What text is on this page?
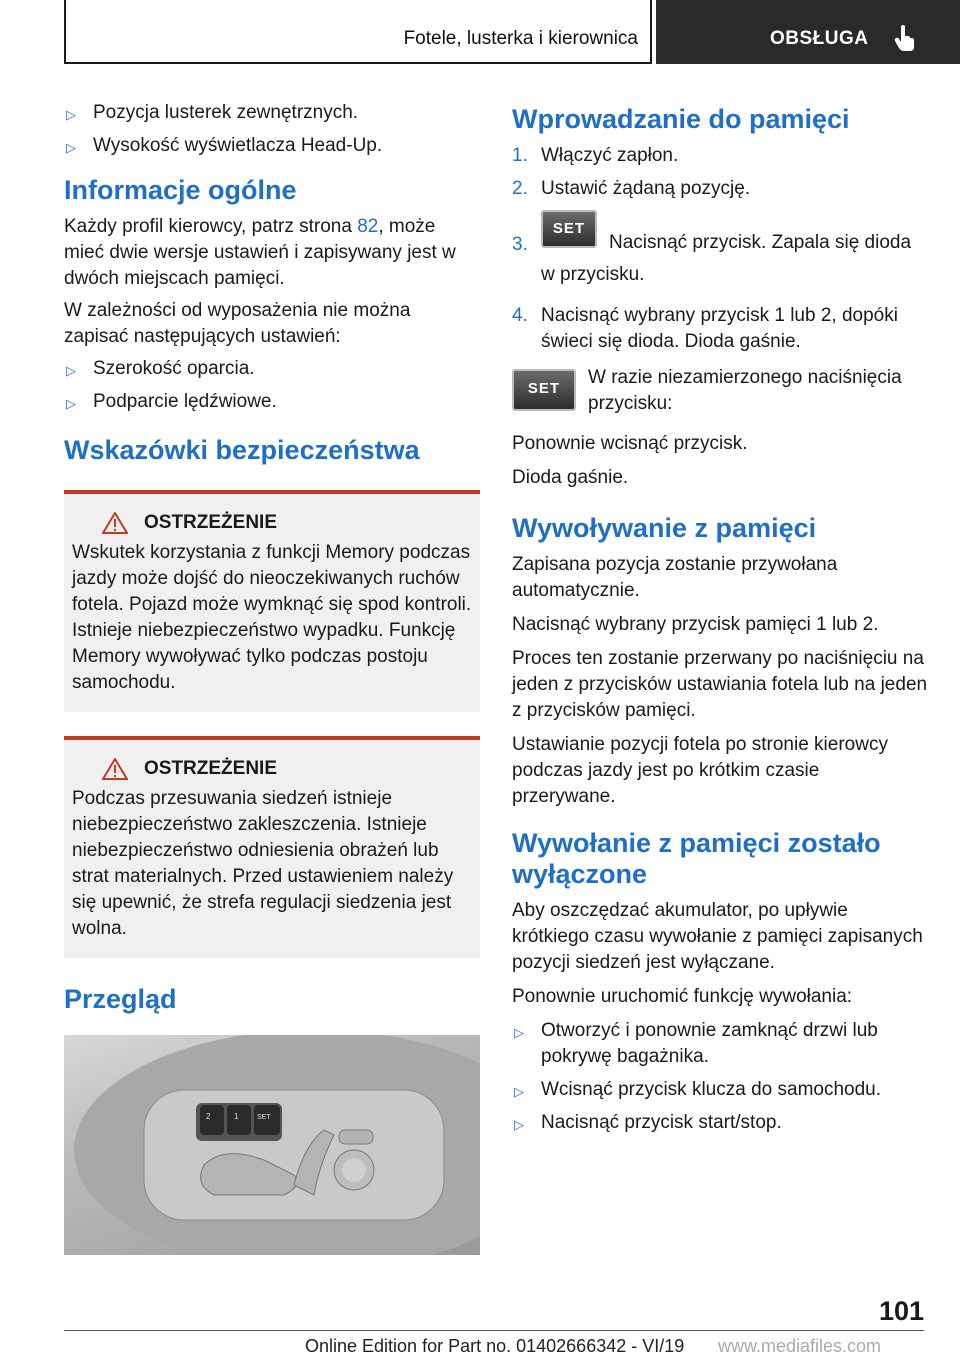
Fotele, lusterka i kierownica	OBSŁUGA
▷ Pozycja lusterek zewnętrznych.
▷ Wysokość wyświetlacza Head-Up.
Informacje ogólne

Każdy profil kierowcy, patrz strona 82, może mieć dwie wersje ustawień i zapisywany jest w dwóch miejscach pamięci.

W zależności od wyposażenia nie można zapisać następujących ustawień:

▷ Szerokość oparcia.
▷ Podparcie lędźwiowe.
Wskazówki bezpieczeństwa
OSTRZEŻENIE
Wskutek korzystania z funkcji Memory podczas jazdy może dojść do nieoczekiwanych ruchów fotela. Pojazd może wymknąć się spod kontroli. Istnieje niebezpieczeństwo wypadku. Funkcję Memory wywoływać tylko podczas postoju samochodu.
OSTRZEŻENIE
Podczas przesuwania siedzeń istnieje niebezpieczeństwo zakleszczenia. Istnieje niebezpieczeństwo odniesienia obrażeń lub strat materialnych. Przed ustawieniem należy się upewnić, że strefa regulacji siedzenia jest wolna.
Przegląd
2	1	SET
Wprowadzanie do pamięci
1. Włączyć zapłon.
2. Ustawić żądaną pozycję.
3.
SETNacisnąć przycisk. Zapala się dioda w przycisku.
4. Nacisnąć wybrany przycisk 1 lub 2, dopóki świeci się dioda. Dioda gaśnie.
SET

W razie niezamierzonego naciśnięcia przycisku:

Ponownie wcisnąć przycisk.

Dioda gaśnie.

Wywoływanie z pamięci

Zapisana pozycja zostanie przywołana automatycznie.

Nacisnąć wybrany przycisk pamięci 1 lub 2.

Proces ten zostanie przerwany po naciśnięciu na jeden z przycisków ustawiania fotela lub na jeden z przycisków pamięci.

Ustawianie pozycji fotela po stronie kierowcy podczas jazdy jest po krótkim czasie przerywane.

Wywołanie z pamięci zostało wyłączone

Aby oszczędzać akumulator, po upływie krótkiego czasu wywołanie z pamięci zapisanych pozycji siedzeń jest wyłączane.

Ponownie uruchomić funkcję wywołania:

▷ Otworzyć i ponownie zamknąć drzwi lub pokrywę bagażnika.
▷ Wcisnąć przycisk klucza do samochodu.
▷ Nacisnąć przycisk start/stop.
101
Online Edition for Part no. 01402666342 - VI/19 www.mediafiles.com
